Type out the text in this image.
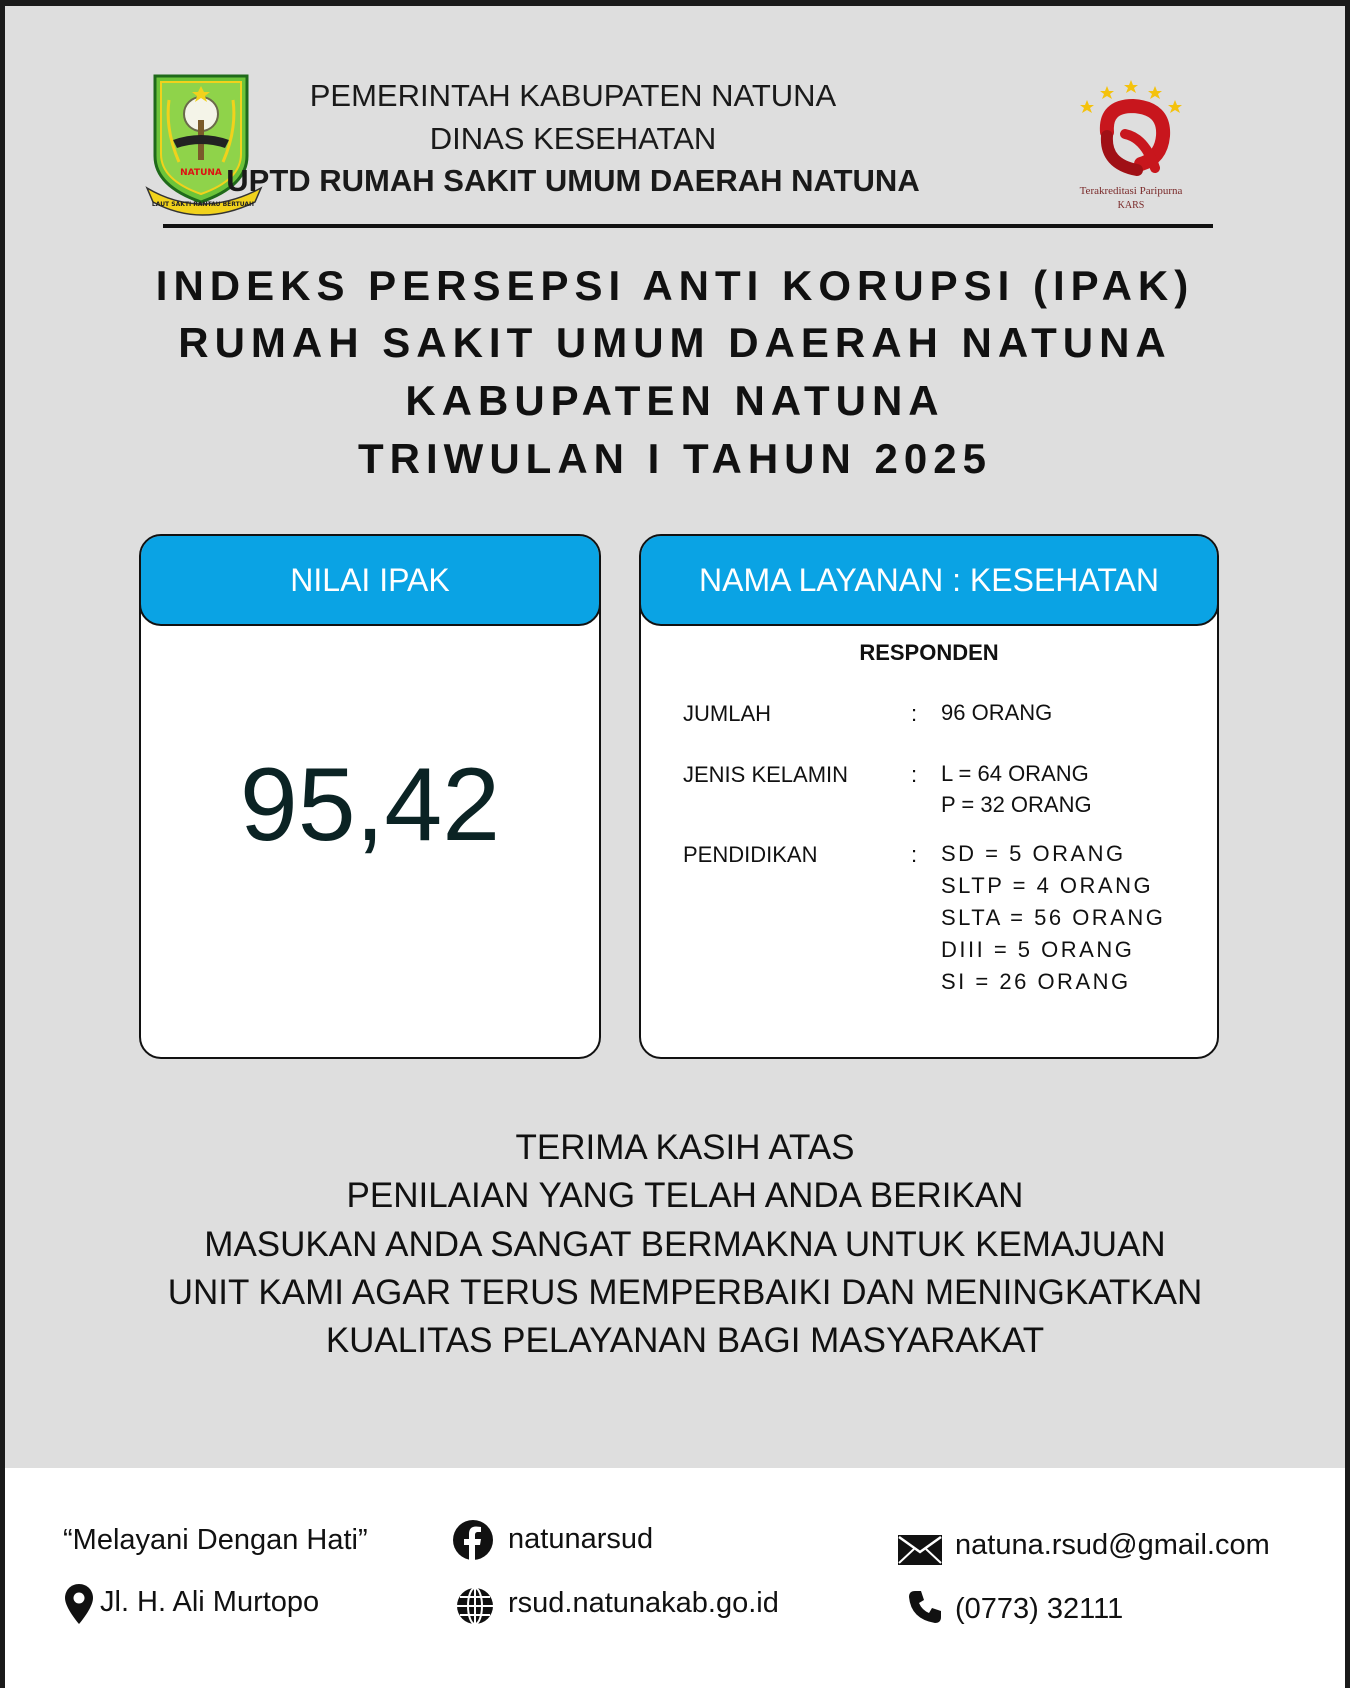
NATUNA
LAUT SAKTI RANTAU BERTUAH
PEMERINTAH KABUPATEN NATUNA
DINAS KESEHATAN
UPTD RUMAH SAKIT UMUM DAERAH NATUNA	Terakreditasi Paripurna
KARS
INDEKS PERSEPSI ANTI KORUPSI (IPAK)
RUMAH SAKIT UMUM DAERAH NATUNA
KABUPATEN NATUNA
TRIWULAN I TAHUN 2025
NILAI IPAK
95,42
NAMA LAYANAN : KESEHATAN
RESPONDEN
JUMLAH	: 96 ORANG
JENIS KELAMIN	: L = 64 ORANG
P = 32 ORANG
PENDIDIKAN	: SD = 5 ORANG
SLTP = 4 ORANG
SLTA = 56 ORANG
DIII = 5 ORANG
SI = 26 ORANG
TERIMA KASIH ATAS
PENILAIAN YANG TELAH ANDA BERIKAN
MASUKAN ANDA SANGAT BERMAKNA UNTUK KEMAJUAN
UNIT KAMI AGAR TERUS MEMPERBAIKI DAN MENINGKATKAN
KUALITAS PELAYANAN BAGI MASYARAKAT
“Melayani Dengan Hati”
Jl. H. Ali Murtopo
natunarsud
rsud.natunakab.go.id
natuna.rsud@gmail.com
(0773) 32111
